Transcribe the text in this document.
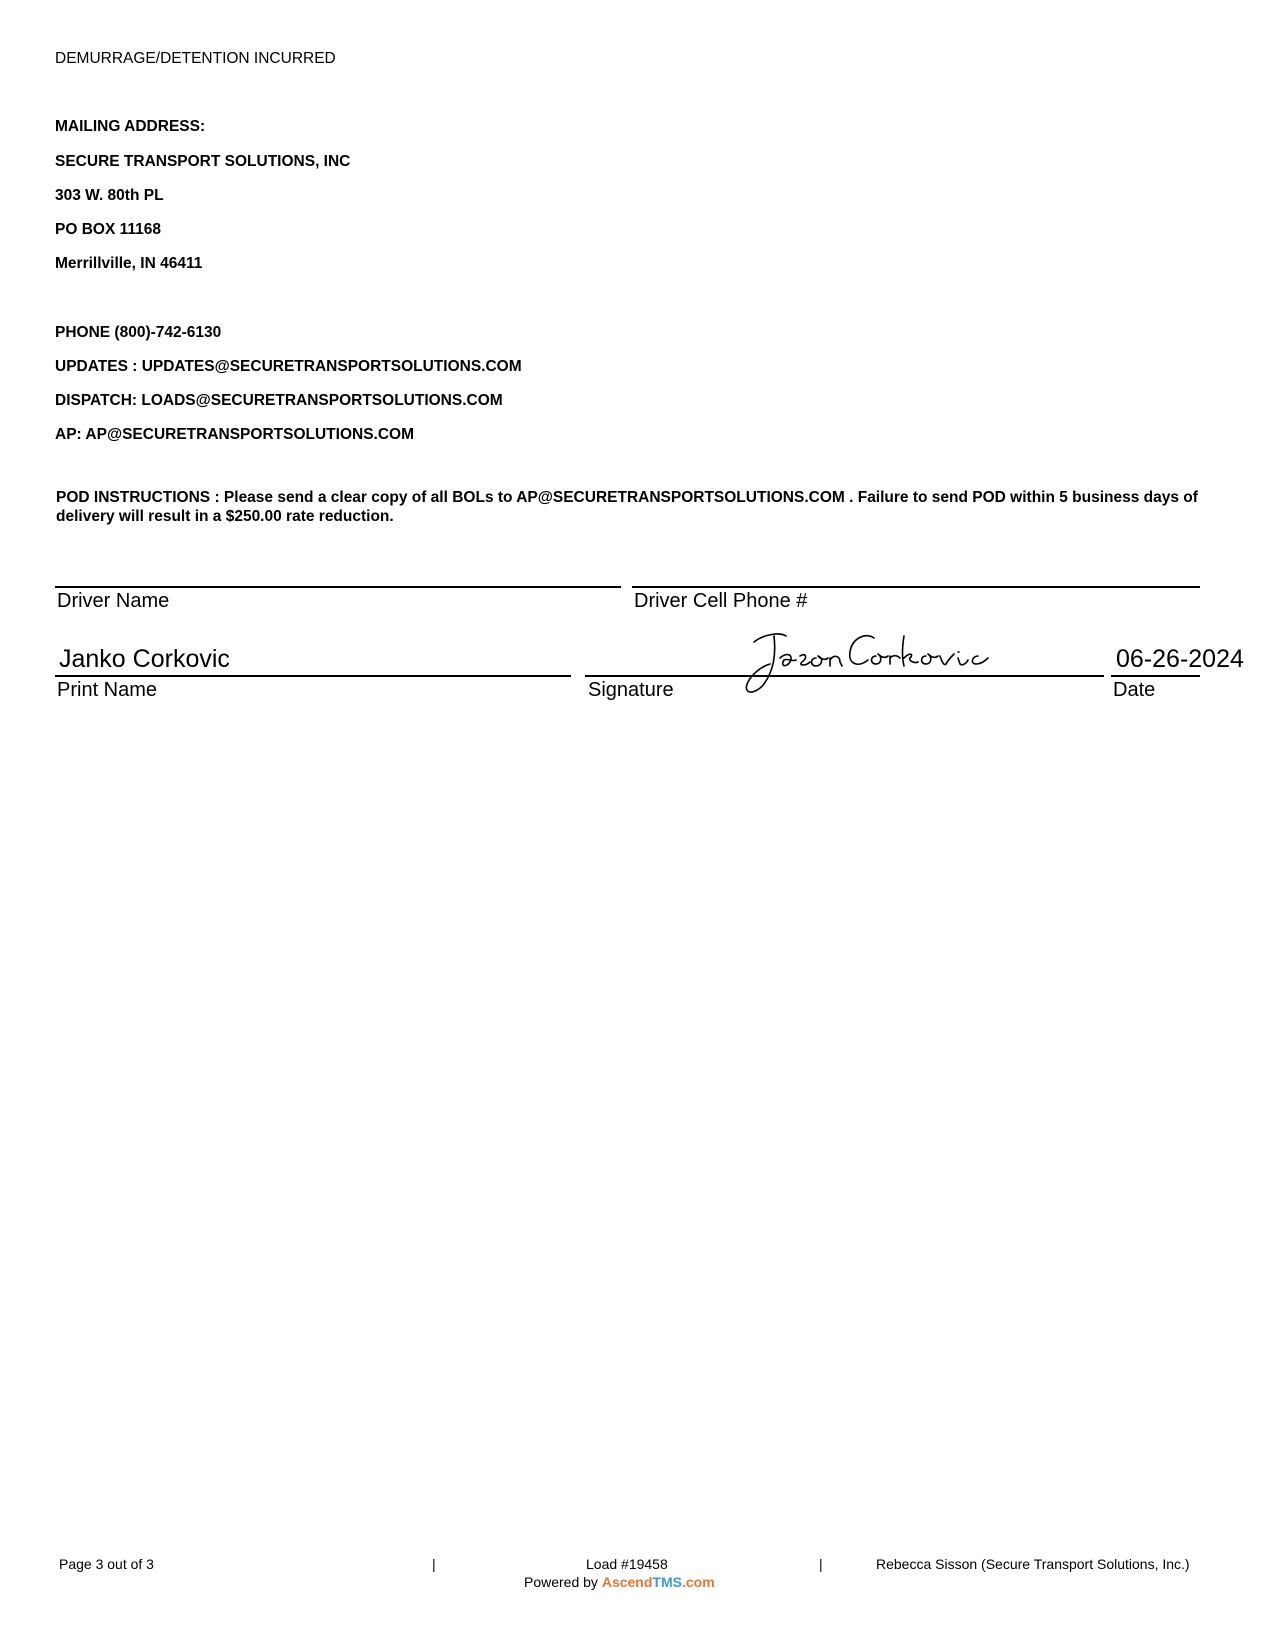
DEMURRAGE/DETENTION INCURRED
MAILING ADDRESS:
SECURE TRANSPORT SOLUTIONS, INC
303 W. 80th PL
PO BOX 11168
Merrillville, IN 46411
PHONE (800)-742-6130
UPDATES : UPDATES@SECURETRANSPORTSOLUTIONS.COM
DISPATCH: LOADS@SECURETRANSPORTSOLUTIONS.COM
AP: AP@SECURETRANSPORTSOLUTIONS.COM
POD INSTRUCTIONS : Please send a clear copy of all BOLs to AP@SECURETRANSPORTSOLUTIONS.COM . Failure to send POD within 5 business days of delivery will result in a $250.00 rate reduction.
Driver Name	Driver Cell Phone #
Janko Corkovic
Print Name	Signature
06-26-2024
Date
Page 3 out of 3	|	Load #19458	|	Rebecca Sisson (Secure Transport Solutions, Inc.)
Powered by AscendTMS.com
